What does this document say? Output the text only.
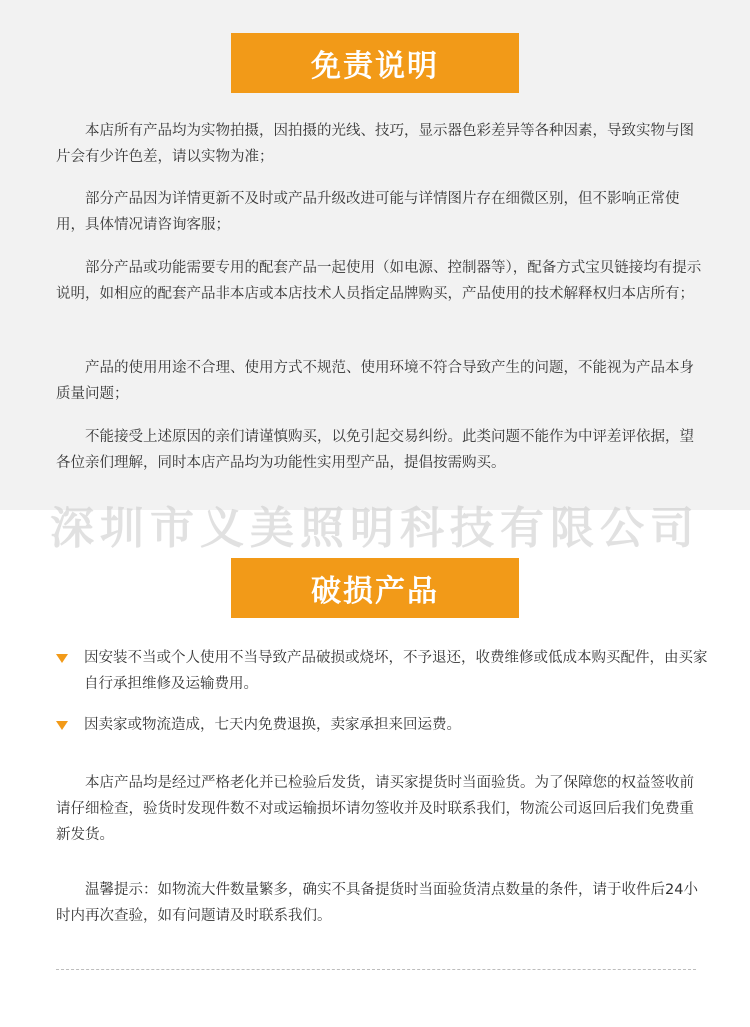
免责说明
本店所有产品均为实物拍摄，因拍摄的光线、技巧，显示器色彩差异等各种因素，导致实物与图片会有少许色差，请以实物为准；
部分产品因为详情更新不及时或产品升级改进可能与详情图片存在细微区别，但不影响正常使用，具体情况请咨询客服；
部分产品或功能需要专用的配套产品一起使用（如电源、控制器等），配备方式宝贝链接均有提示说明，如相应的配套产品非本店或本店技术人员指定品牌购买，产品使用的技术解释权归本店所有；
产品的使用用途不合理、使用方式不规范、使用环境不符合导致产生的问题，不能视为产品本身质量问题；
不能接受上述原因的亲们请谨慎购买，以免引起交易纠纷。此类问题不能作为中评差评依据，望各位亲们理解，同时本店产品均为功能性实用型产品，提倡按需购买。
深圳市义美照明科技有限公司
破损产品
因安装不当或个人使用不当导致产品破损或烧坏，不予退还，收费维修或低成本购买配件，由买家自行承担维修及运输费用。
因卖家或物流造成，七天内免费退换，卖家承担来回运费。
本店产品均是经过严格老化并已检验后发货，请买家提货时当面验货。为了保障您的权益签收前请仔细检查，验货时发现件数不对或运输损坏请勿签收并及时联系我们，物流公司返回后我们免费重新发货。
温馨提示：如物流大件数量繁多，确实不具备提货时当面验货清点数量的条件，请于收件后24小时内再次查验，如有问题请及时联系我们。
